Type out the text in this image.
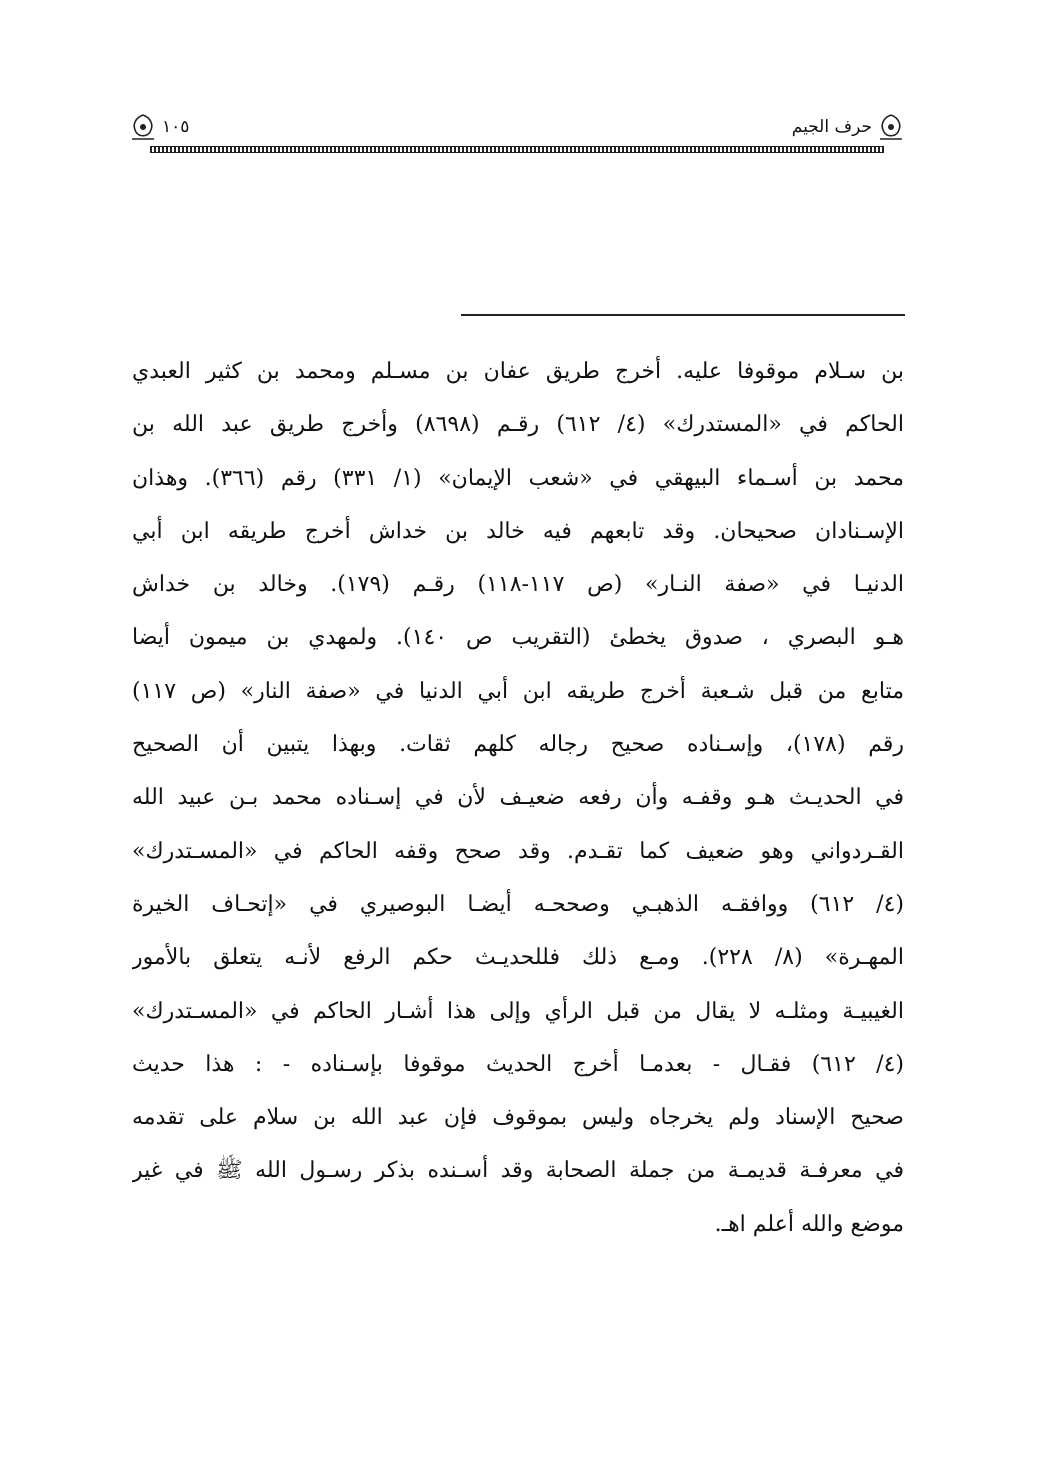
حرف الجيم
١٠٥
بن سـلام موقوفا عليه. أخرج طريق عفان بن مسـلم ومحمد بن كثير العبدي
الحاكم في «المستدرك» (٤/ ٦١٢) رقـم (٨٦٩٨) وأخرج طريق عبد الله بن
محمد بن أسـماء البيهقي في «شعب الإيمان» (١/ ٣٣١) رقم (٣٦٦). وهذان
الإسـنادان صحيحان. وقد تابعهم فيه خالد بن خداش أخرج طريقه ابن أبي
الدنيـا في «صفة النـار» (ص ١١٧-١١٨) رقـم (١٧٩). وخالد بن خداش
هـو البصري ، صدوق يخطئ (التقريب ص ١٤٠). ولمهدي بن ميمون أيضا
متابع من قبل شـعبة أخرج طريقه ابن أبي الدنيا في «صفة النار» (ص ١١٧)
رقم (١٧٨)، وإسـناده صحيح رجاله كلهم ثقات. وبهذا يتبين أن الصحيح
في الحديـث هـو وقفـه وأن رفعه ضعيـف لأن في إسـناده محمد بـن عبيد الله
القـردواني وهو ضعيف كما تقـدم. وقد صحح وقفه الحاكم في «المسـتدرك»
(٤/ ٦١٢) ووافقـه الذهبـي وصححـه أيضـا البوصيري في «إتحـاف الخيرة
المهـرة» (٨/ ٢٢٨). ومـع ذلك فللحديـث حكم الرفع لأنـه يتعلق بالأمور
الغيبيـة ومثلـه لا يقال من قبل الرأي وإلى هذا أشـار الحاكم في «المسـتدرك»
(٤/ ٦١٢) فقـال - بعدمـا أخرج الحديث موقوفا بإسـناده - : هذا حديث
صحيح الإسناد ولم يخرجاه وليس بموقوف فإن عبد الله بن سلام على تقدمه
في معرفـة قديمـة من جملة الصحابة وقد أسـنده بذكر رسـول الله ﷺ في غير
موضع والله أعلم اهـ.
